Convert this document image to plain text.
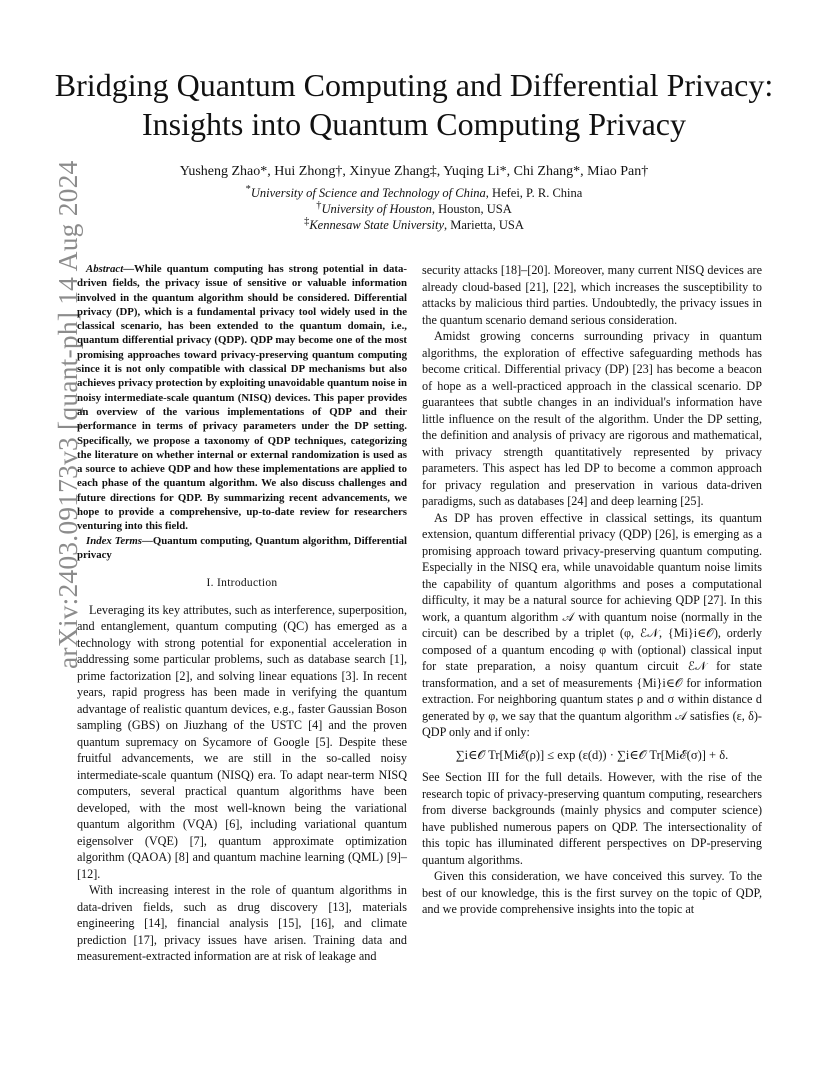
arXiv:2403.09173v3 [quant-ph] 14 Aug 2024
Bridging Quantum Computing and Differential Privacy: Insights into Quantum Computing Privacy
Yusheng Zhao*, Hui Zhong†, Xinyue Zhang‡, Yuqing Li*, Chi Zhang*, Miao Pan†
*University of Science and Technology of China, Hefei, P. R. China
†University of Houston, Houston, USA
‡Kennesaw State University, Marietta, USA

Abstract—While quantum computing has strong potential in data-driven fields, the privacy issue of sensitive or valuable information involved in the quantum algorithm should be considered. Differential privacy (DP), which is a fundamental privacy tool widely used in the classical scenario, has been extended to the quantum domain, i.e., quantum differential privacy (QDP). QDP may become one of the most promising approaches toward privacy-preserving quantum computing since it is not only compatible with classical DP mechanisms but also achieves privacy protection by exploiting unavoidable quantum noise in noisy intermediate-scale quantum (NISQ) devices. This paper provides an overview of the various implementations of QDP and their performance in terms of privacy parameters under the DP setting. Specifically, we propose a taxonomy of QDP techniques, categorizing the literature on whether internal or external randomization is used as a source to achieve QDP and how these implementations are applied to each phase of the quantum algorithm. We also discuss challenges and future directions for QDP. By summarizing recent advancements, we hope to provide a comprehensive, up-to-date review for researchers venturing into this field.

Index Terms—Quantum computing, Quantum algorithm, Differential privacy

I. Introduction

Leveraging its key attributes, such as interference, superposition, and entanglement, quantum computing (QC) has emerged as a technology with strong potential for exponential acceleration in addressing some particular problems, such as database search [1], prime factorization [2], and solving linear equations [3]. In recent years, rapid progress has been made in verifying the quantum advantage of realistic quantum devices, e.g., faster Gaussian Boson sampling (GBS) on Jiuzhang of the USTC [4] and the proven quantum supremacy on Sycamore of Google [5]. Despite these fruitful advancements, we are still in the so-called noisy intermediate-scale quantum (NISQ) era. To adapt near-term NISQ computers, several practical quantum algorithms have been developed, with the most well-known being the variational quantum algorithm (VQA) [6], including variational quantum eigensolver (VQE) [7], quantum approximate optimization algorithm (QAOA) [8] and quantum machine learning (QML) [9]–[12].

With increasing interest in the role of quantum algorithms in data-driven fields, such as drug discovery [13], materials engineering [14], financial analysis [15], [16], and climate prediction [17], privacy issues have arisen. Training data and measurement-extracted information are at risk of leakage and

security attacks [18]–[20]. Moreover, many current NISQ devices are already cloud-based [21], [22], which increases the susceptibility to attacks by malicious third parties. Undoubtedly, the privacy issues in the quantum scenario demand serious consideration.

Amidst growing concerns surrounding privacy in quantum algorithms, the exploration of effective safeguarding methods has become critical. Differential privacy (DP) [23] has become a beacon of hope as a well-practiced approach in the classical scenario. DP guarantees that subtle changes in an individual's information have little influence on the result of the algorithm. Under the DP setting, the definition and analysis of privacy are rigorous and mathematical, with privacy strength quantitatively represented by privacy parameters. This aspect has led DP to become a common approach for privacy regulation and preservation in various data-driven paradigms, such as databases [24] and deep learning [25].

As DP has proven effective in classical settings, its quantum extension, quantum differential privacy (QDP) [26], is emerging as a promising approach toward privacy-preserving quantum computing. Especially in the NISQ era, while unavoidable quantum noise limits the capability of quantum algorithms and poses a computational difficulty, it may be a natural source for achieving QDP [27]. In this work, a quantum algorithm 𝒜 with quantum noise (normally in the circuit) can be described by a triplet (φ, ℰ𝒩, {Mi}i∈𝒪), orderly composed of a quantum encoding φ with (optional) classical input for state preparation, a noisy quantum circuit ℰ𝒩 for state transformation, and a set of measurements {Mi}i∈𝒪 for information extraction. For neighboring quantum states ρ and σ within distance d generated by φ, we say that the quantum algorithm 𝒜 satisfies (ε, δ)-QDP only and if only:

∑i∈𝒪 Tr[Miℰ(ρ)] ≤ exp (ε(d)) · ∑i∈𝒪 Tr[Miℰ(σ)] + δ.

See Section III for the full details. However, with the rise of the research topic of privacy-preserving quantum computing, researchers from diverse backgrounds (mainly physics and computer science) have published numerous papers on QDP. The intersectionality of this topic has illuminated different perspectives on DP-preserving quantum algorithms.

Given this consideration, we have conceived this survey. To the best of our knowledge, this is the first survey on the topic of QDP, and we provide comprehensive insights into the topic at
